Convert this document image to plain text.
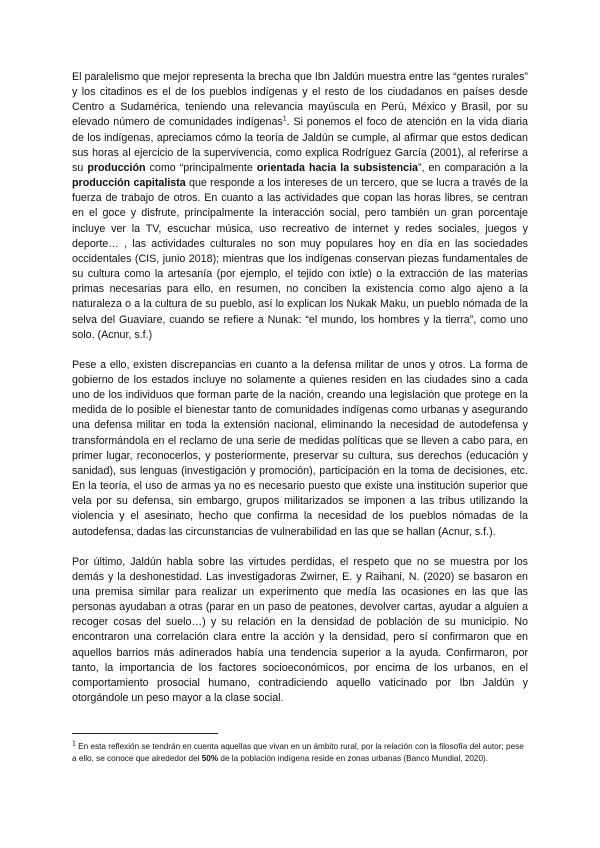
El paralelismo que mejor representa la brecha que Ibn Jaldún muestra entre las “gentes rurales” y los citadinos es el de los pueblos indígenas y el resto de los ciudadanos en países desde Centro a Sudamérica, teniendo una relevancia mayúscula en Perú, México y Brasil, por su elevado número de comunidades indígenas$^1$. Si ponemos el foco de atención en la vida diaria de los indígenas, apreciamos cómo la teoría de Jaldún se cumple, al afirmar que estos dedican sus horas al ejercicio de la supervivencia, como explica Rodríguez García (2001), al referirse a su producción como “principalmente orientada hacia la subsistencia”, en comparación a la producción capitalista que responde a los intereses de un tercero, que se lucra a través de la fuerza de trabajo de otros. En cuanto a las actividades que copan las horas libres, se centran en el goce y disfrute, principalmente la interacción social, pero también un gran porcentaje incluye ver la TV, escuchar música, uso recreativo de internet y redes sociales, juegos y deporte… , las actividades culturales no son muy populares hoy en día en las sociedades occidentales (CIS, junio 2018); mientras que los indígenas conservan piezas fundamentales de su cultura como la artesanía (por ejemplo, el tejido con ixtle) o la extracción de las materias primas necesarias para ello, en resumen, no conciben la existencia como algo ajeno a la naturaleza o a la cultura de su pueblo, así lo explican los Nukak Maku, un pueblo nómada de la selva del Guaviare, cuando se refiere a Nunak: “el mundo, los hombres y la tierra”, como uno solo. (Acnur, s.f.)

Pese a ello, existen discrepancias en cuanto a la defensa militar de unos y otros. La forma de gobierno de los estados incluye no solamente a quienes residen en las ciudades sino a cada uno de los individuos que forman parte de la nación, creando una legislación que protege en la medida de lo posible el bienestar tanto de comunidades indígenas como urbanas y asegurando una defensa militar en toda la extensión nacional, eliminando la necesidad de autodefensa y transformándola en el reclamo de una serie de medidas políticas que se lleven a cabo para, en primer lugar, reconocerlos, y posteriormente, preservar su cultura, sus derechos (educación y sanidad), sus lenguas (investigación y promoción), participación en la toma de decisiones, etc. En la teoría, el uso de armas ya no es necesario puesto que existe una institución superior que vela por su defensa, sin embargo, grupos militarizados se imponen a las tribus utilizando la violencia y el asesinato, hecho que confirma la necesidad de los pueblos nómadas de la autodefensa, dadas las circunstancias de vulnerabilidad en las que se hallan (Acnur, s.f.).

Por último, Jaldún habla sobre las virtudes perdidas, el respeto que no se muestra por los demás y la deshonestidad. Las investigadoras Zwirner, E. y Raihani, N. (2020) se basaron en una premisa similar para realizar un experimento que medía las ocasiones en las que las personas ayudaban a otras (parar en un paso de peatones, devolver cartas, ayudar a alguien a recoger cosas del suelo…) y su relación en la densidad de población de su municipio. No encontraron una correlación clara entre la acción y la densidad, pero sí confirmaron que en aquellos barrios más adinerados había una tendencia superior a la ayuda. Confirmaron, por tanto, la importancia de los factores socioeconómicos, por encima de los urbanos, en el comportamiento prosocial humano, contradiciendo aquello vaticinado por Ibn Jaldún y otorgándole un peso mayor a la clase social.

$^1$ En esta reflexión se tendrán en cuenta aquellas que vivan en un ámbito rural, por la relación con la filosofía del autor; pese a ello, se conoce que alrededor del 50% de la población indígena reside en zonas urbanas (Banco Mundial, 2020).
